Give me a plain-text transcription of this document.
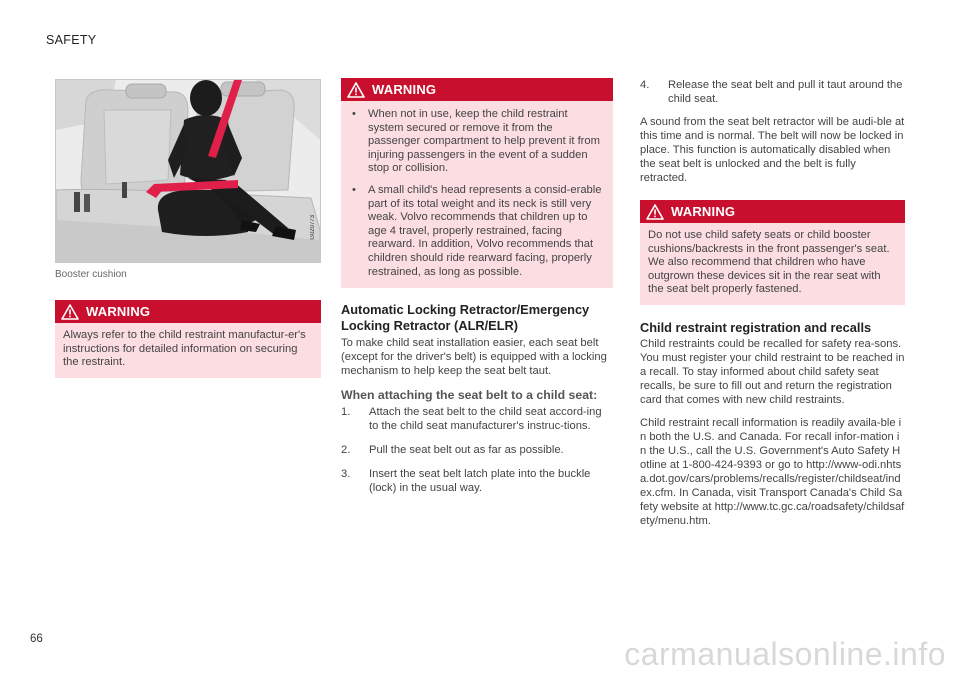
SAFETY
G020773
Booster cushion
WARNING
Always refer to the child restraint manufactur-er's instructions for detailed information on securing the restraint.
WARNING
• When not in use, keep the child restraint system secured or remove it from the passenger compartment to help prevent it from injuring passengers in the event of a sudden stop or collision.
• A small child's head represents a consid-erable part of its total weight and its neck is still very weak. Volvo recommends that children up to age 4 travel, properly restrained, facing rearward. In addition, Volvo recommends that children should ride rearward facing, properly restrained, as long as possible.
Automatic Locking Retractor/Emergency Locking Retractor (ALR/ELR)

To make child seat installation easier, each seat belt (except for the driver's belt) is equipped with a locking mechanism to help keep the seat belt taut.

When attaching the seat belt to a child seat:
1. Attach the seat belt to the child seat accord-ing to the child seat manufacturer's instruc-tions.
2. Pull the seat belt out as far as possible.
3. Insert the seat belt latch plate into the buckle (lock) in the usual way.
4. Release the seat belt and pull it taut around the child seat.

A sound from the seat belt retractor will be audi-ble at this time and is normal. The belt will now be locked in place. This function is automatically disabled when the seat belt is unlocked and the belt is fully retracted.

WARNING
Do not use child safety seats or child booster cushions/backrests in the front passenger's seat. We also recommend that children who have outgrown these devices sit in the rear seat with the seat belt properly fastened.
Child restraint registration and recalls

Child restraints could be recalled for safety rea-sons. You must register your child restraint to be reached in a recall. To stay informed about child safety seat recalls, be sure to fill out and return the registration card that comes with new child restraints.

Child restraint recall information is readily availa-ble in both the U.S. and Canada. For recall infor-mation in the U.S., call the U.S. Government's Auto Safety Hotline at 1-800-424-9393 or go to http://www-odi.nhtsa.dot.gov/cars/problems/recalls/register/childseat/index.cfm. In Canada, visit Transport Canada's Child Safety website at http://www.tc.gc.ca/roadsafety/childsafety/menu.htm.

66	carmanualsonline.info
